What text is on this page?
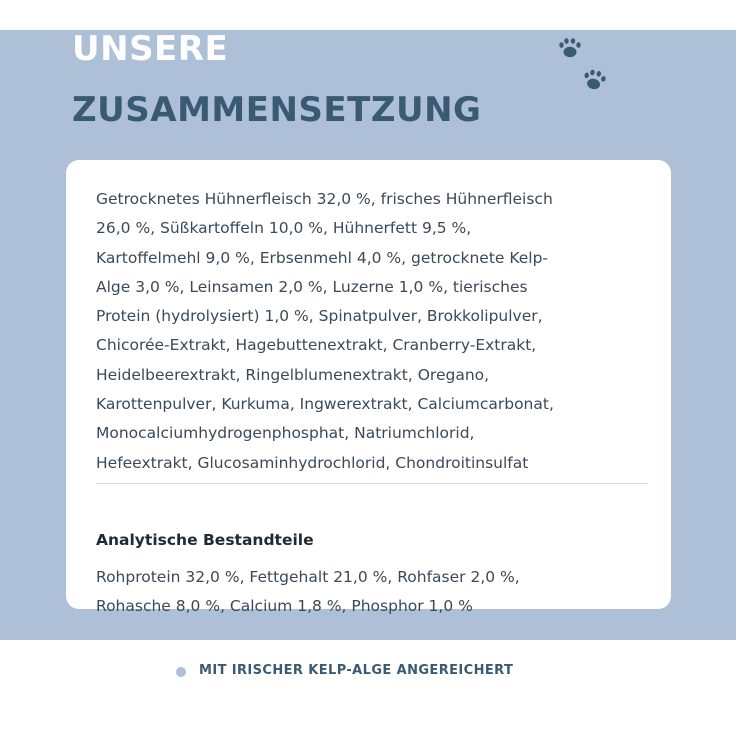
UNSERE
ZUSAMMENSETZUNG

Getrocknetes Hühnerfleisch 32,0 %, frisches Hühnerfleisch
26,0 %, Süßkartoffeln 10,0 %, Hühnerfett 9,5 %,
Kartoffelmehl 9,0 %, Erbsenmehl 4,0 %, getrocknete Kelp-
Alge 3,0 %, Leinsamen 2,0 %, Luzerne 1,0 %, tierisches
Protein (hydrolysiert) 1,0 %, Spinatpulver, Brokkolipulver,
Chicorée-Extrakt, Hagebuttenextrakt, Cranberry-Extrakt,
Heidelbeerextrakt, Ringelblumenextrakt, Oregano,
Karottenpulver, Kurkuma, Ingwerextrakt, Calciumcarbonat,
Monocalciumhydrogenphosphat, Natriumchlorid,
Hefeextrakt, Glucosaminhydrochlorid, Chondroitinsulfat

Analytische Bestandteile

Rohprotein 32,0 %, Fettgehalt 21,0 %, Rohfaser 2,0 %,
Rohasche 8,0 %, Calcium 1,8 %, Phosphor 1,0 %

MIT IRISCHER KELP-ALGE ANGEREICHERT
